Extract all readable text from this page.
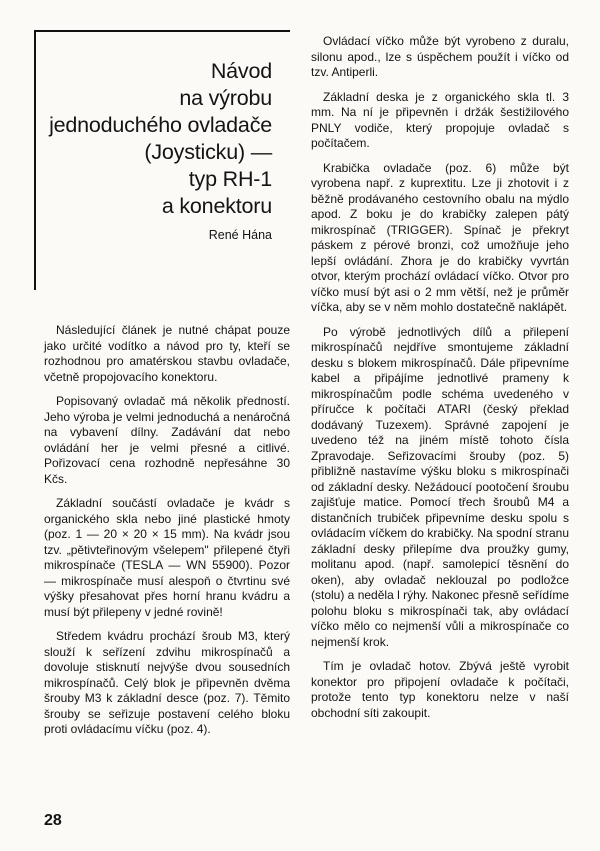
Návod
na výrobu
jednoduchého ovladače
(Joysticku) —
typ RH-1
a konektoru
René Hána

Následující článek je nutné chápat pouze jako určité vodítko a návod pro ty, kteří se rozhodnou pro amatérskou stavbu ovladače, včetně propojovacího konektoru.

Popisovaný ovladač má několik předností. Jeho výroba je velmi jednoduchá a nenáročná na vybavení dílny. Zadávání dat nebo ovládání her je velmi přesné a citlivé. Pořizovací cena rozhodně nepřesáhne 30 Kčs.

Základní součástí ovladače je kvádr s organického skla nebo jiné plastické hmoty (poz. 1 — 20 × 20 × 15 mm). Na kvádr jsou tzv. „pětivteřinovým všelepem" přilepené čtyři mikrospínače (TESLA — WN 55900). Pozor — mikrospínače musí alespoň o čtvrtinu své výšky přesahovat přes horní hranu kvádru a musí být přilepeny v jedné rovině!

Středem kvádru prochází šroub M3, který slouží k seřízení zdvihu mikrospínačů a dovoluje stisknutí nejvýše dvou sousedních mikrospínačů. Celý blok je připevněn dvěma šrouby M3 k základní desce (poz. 7). Těmito šrouby se seřizuje postavení celého bloku proti ovládacímu víčku (poz. 4).

Ovládací víčko může být vyrobeno z duralu, silonu apod., lze s úspěchem použít i víčko od tzv. Antiperli.

Základní deska je z organického skla tl. 3 mm. Na ní je připevněn i držák šestižilového PNLY vodiče, který propojuje ovladač s počítačem.

Krabička ovladače (poz. 6) může být vyrobena např. z kuprextitu. Lze ji zhotovit i z běžně prodávaného cestovního obalu na mýdlo apod. Z boku je do krabičky zalepen pátý mikrospínač (TRIGGER). Spínač je překryt páskem z pérové bronzi, což umožňuje jeho lepší ovládání. Zhora je do krabičky vyvrtán otvor, kterým prochází ovládací víčko. Otvor pro víčko musí být asi o 2 mm větší, než je průměr víčka, aby se v něm mohlo dostatečně naklápět.

Po výrobě jednotlivých dílů a přilepení mikrospínačů nejdříve smontujeme základní desku s blokem mikrospínačů. Dále připevníme kabel a připájíme jednotlivé prameny k mikrospínačům podle schéma uvedeného v příručce k počítači ATARI (český překlad dodávaný Tuzexem). Správné zapojení je uvedeno též na jiném místě tohoto čísla Zpravodaje. Seřizovacími šrouby (poz. 5) přibližně nastavíme výšku bloku s mikrospínači od základní desky. Nežádoucí pootočení šroubu zajišťuje matice. Pomocí třech šroubů M4 a distančních trubiček připevníme desku spolu s ovládacím víčkem do krabičky. Na spodní stranu základní desky přilepíme dva proužky gumy, molitanu apod. (např. samolepicí těsnění do oken), aby ovladač neklouzal po podložce (stolu) a neděla l rýhy. Nakonec přesně seřídíme polohu bloku s mikrospínači tak, aby ovládací víčko mělo co nejmenší vůli a mikrospínače co nejmenší krok.

Tím je ovladač hotov. Zbývá ještě vyrobit konektor pro připojení ovladače k počítači, protože tento typ konektoru nelze v naší obchodní síti zakoupit.

28
